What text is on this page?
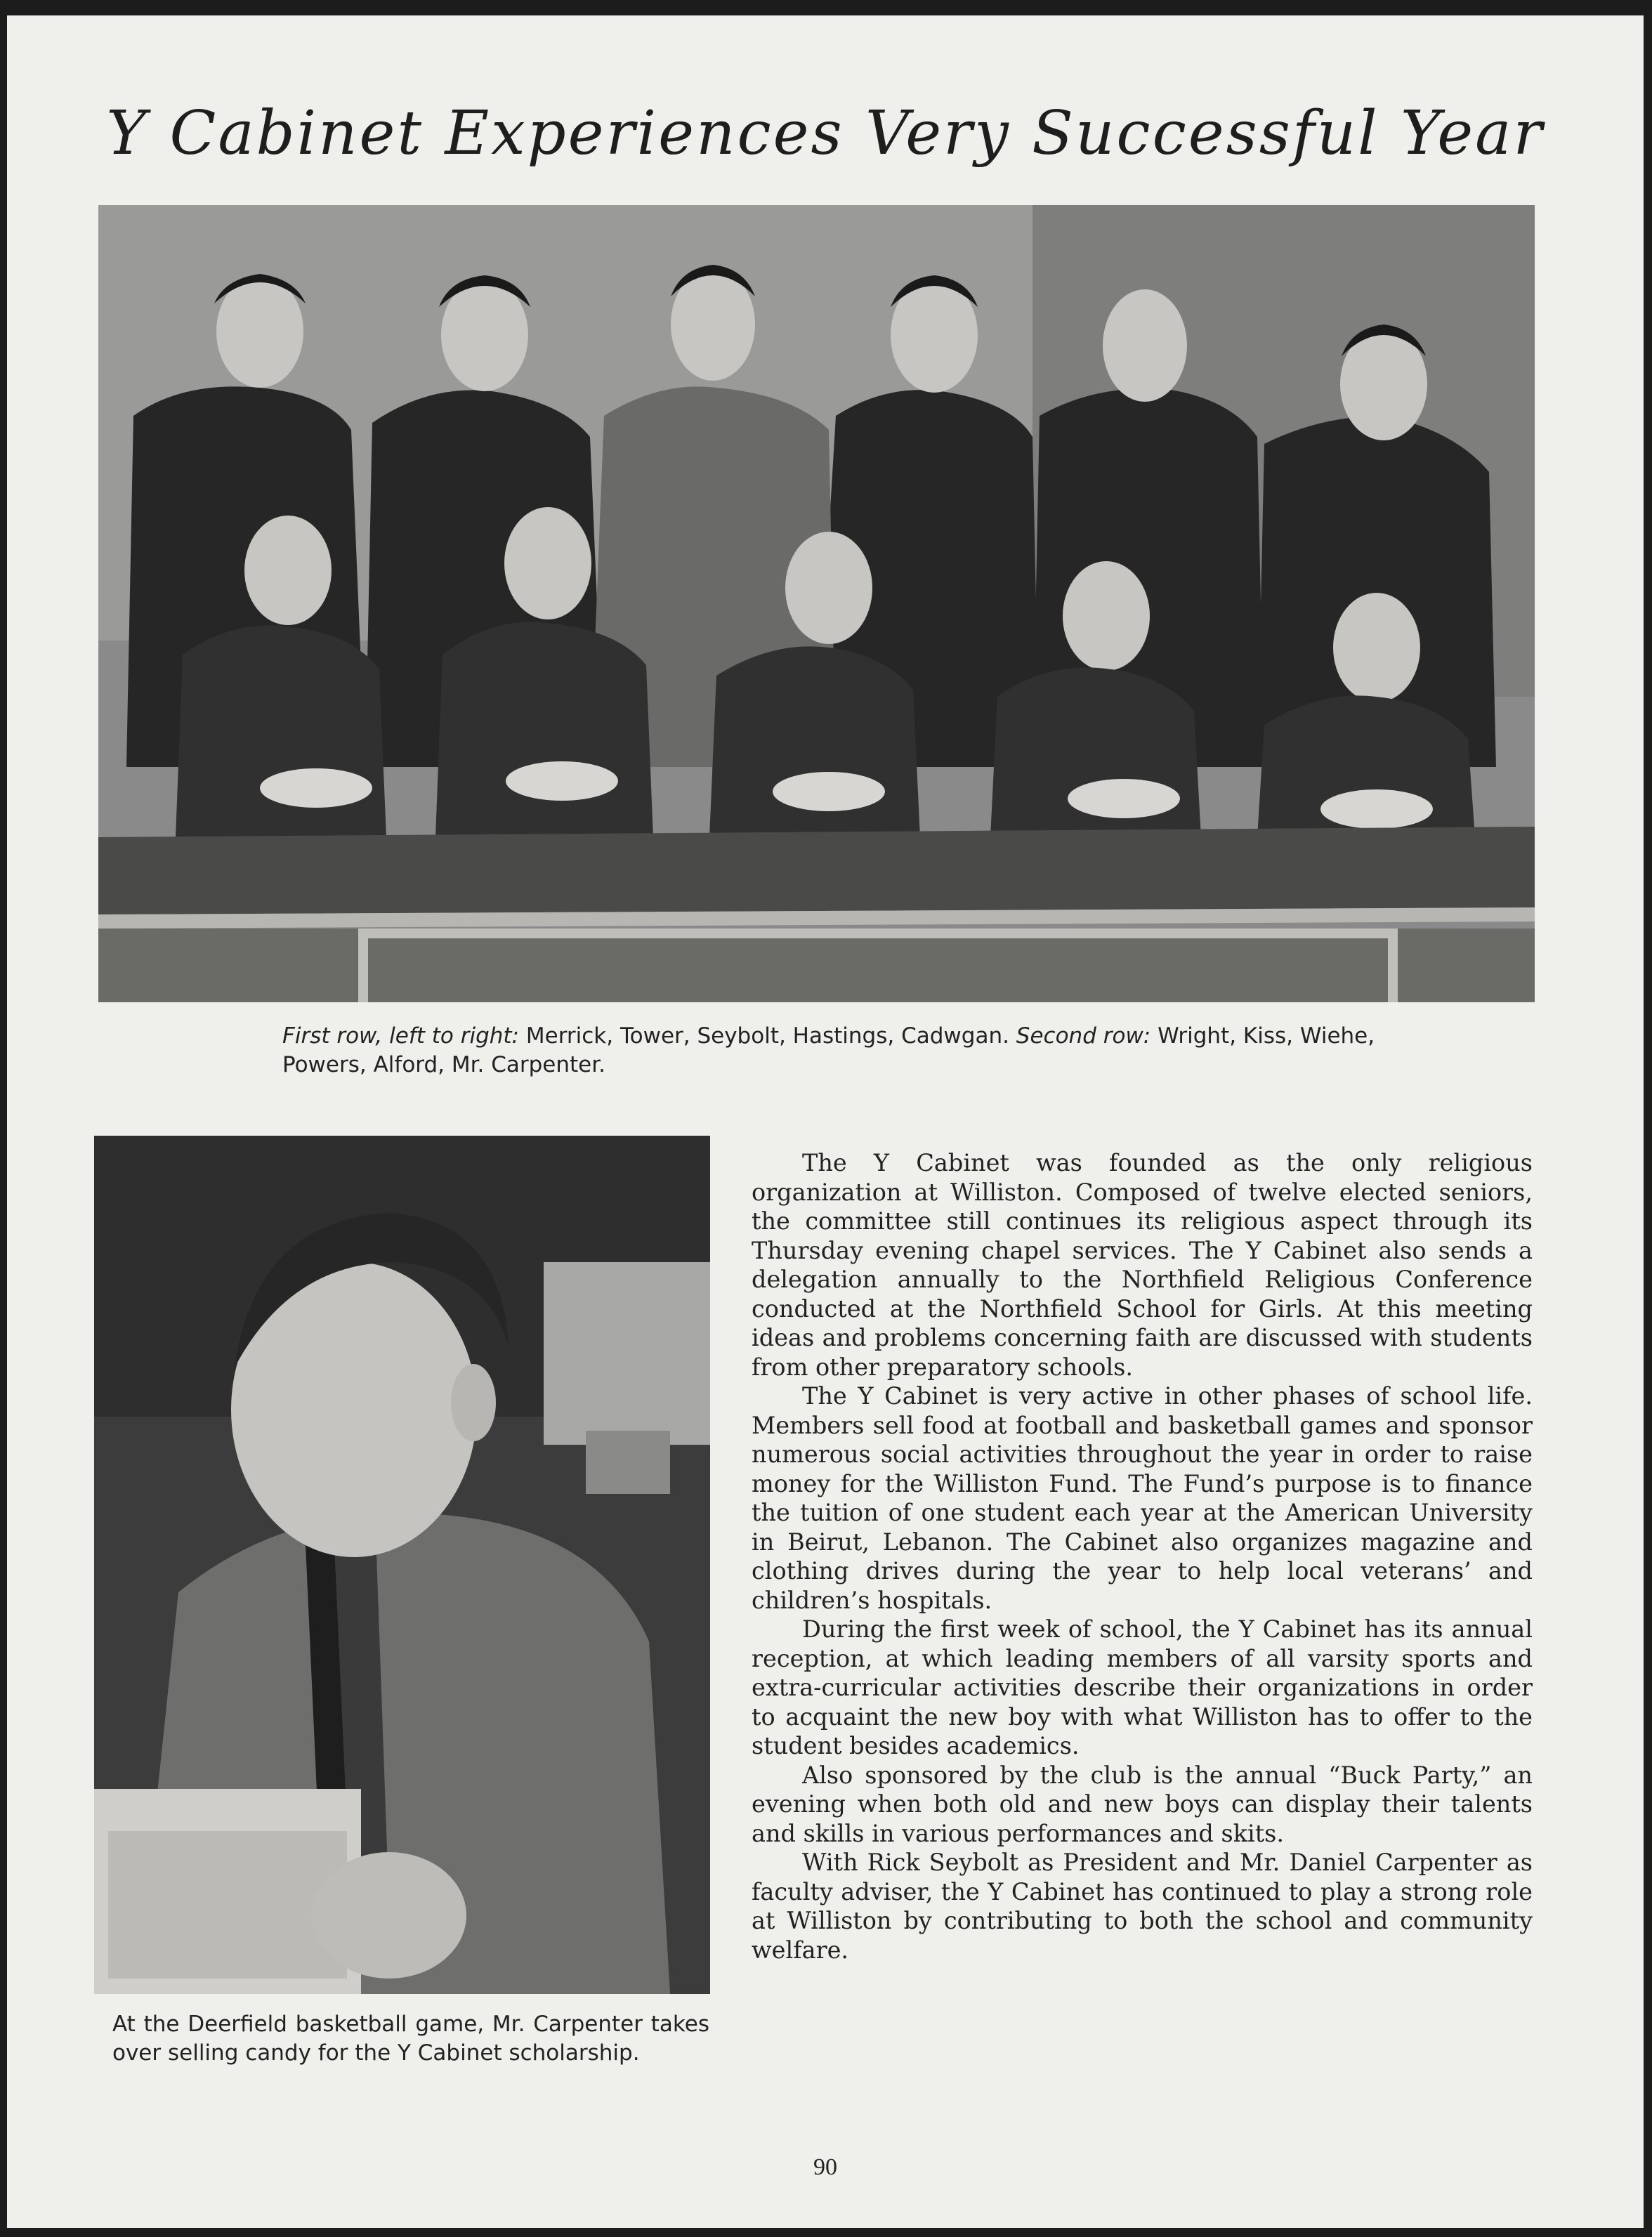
Y Cabinet Experiences Very Successful Year

First row, left to right: Merrick, Tower, Seybolt, Hastings, Cadwgan. Second row: Wright, Kiss, Wiehe, Powers, Alford, Mr. Carpenter.

At the Deerfield basketball game, Mr. Carpenter takes over selling candy for the Y Cabinet scholarship.

The Y Cabinet was founded as the only religious organization at Williston. Composed of twelve elected seniors, the committee still continues its religious aspect through its Thursday evening chapel services. The Y Cabinet also sends a delegation annually to the Northfield Religious Conference conducted at the Northfield School for Girls. At this meeting ideas and problems concerning faith are discussed with students from other preparatory schools.

The Y Cabinet is very active in other phases of school life. Members sell food at football and basketball games and sponsor numerous social activities throughout the year in order to raise money for the Williston Fund. The Fund’s purpose is to finance the tuition of one student each year at the American University in Beirut, Lebanon. The Cabinet also organizes magazine and clothing drives during the year to help local veterans’ and children’s hospitals.

During the first week of school, the Y Cabinet has its annual reception, at which leading members of all varsity sports and extra-curricular activities describe their organizations in order to acquaint the new boy with what Williston has to offer to the student besides academics.

Also sponsored by the club is the annual “Buck Party,” an evening when both old and new boys can display their talents and skills in various performances and skits.

With Rick Seybolt as President and Mr. Daniel Carpenter as faculty adviser, the Y Cabinet has continued to play a strong role at Williston by contributing to both the school and community welfare.

90
